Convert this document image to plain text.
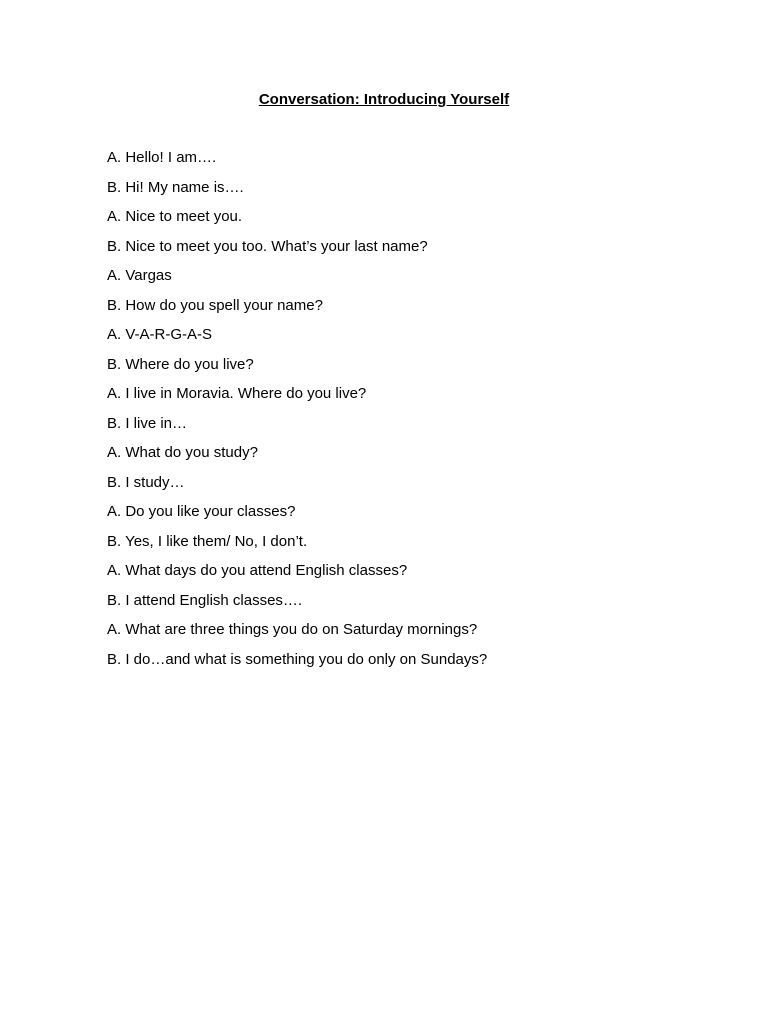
Conversation: Introducing Yourself
A. Hello! I am….
B. Hi! My name is….
A. Nice to meet you.
B. Nice to meet you too. What’s your last name?
A. Vargas
B. How do you spell your name?
A. V-A-R-G-A-S
B. Where do you live?
A. I live in Moravia. Where do you live?
B. I live in…
A. What do you study?
B. I study…
A. Do you like your classes?
B. Yes, I like them/ No, I don’t.
A. What days do you attend English classes?
B. I attend English classes….
A. What are three things you do on Saturday mornings?
B. I do…and what is something you do only on Sundays?
